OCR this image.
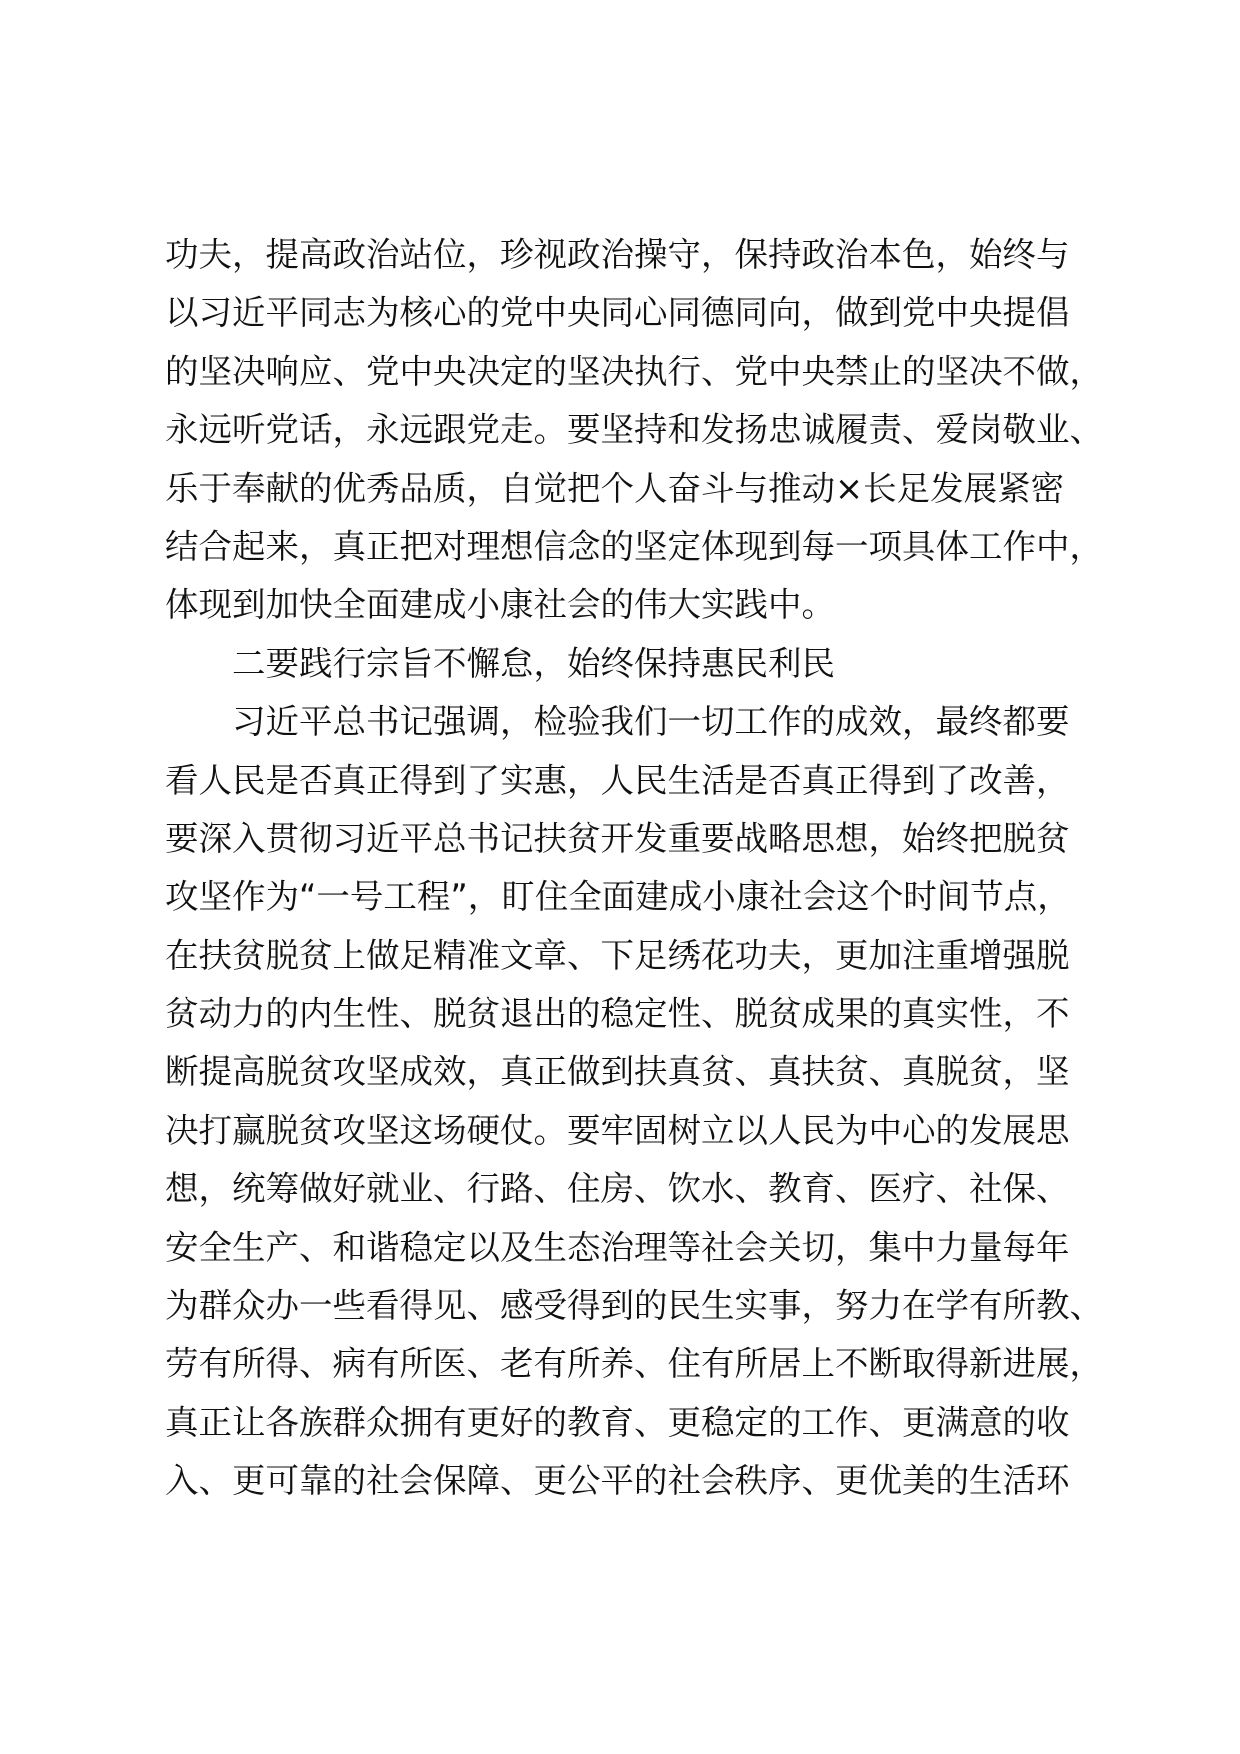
功夫，提高政治站位，珍视政治操守，保持政治本色，始终与
以习近平同志为核心的党中央同心同德同向，做到党中央提倡
的坚决响应、党中央决定的坚决执行、党中央禁止的坚决不做，
永远听党话，永远跟党走。要坚持和发扬忠诚履责、爱岗敬业、
乐于奉献的优秀品质，自觉把个人奋斗与推动×长足发展紧密
结合起来，真正把对理想信念的坚定体现到每一项具体工作中，
体现到加快全面建成小康社会的伟大实践中。
二要践行宗旨不懈怠，始终保持惠民利民
习近平总书记强调，检验我们一切工作的成效，最终都要
看人民是否真正得到了实惠，人民生活是否真正得到了改善，
要深入贯彻习近平总书记扶贫开发重要战略思想，始终把脱贫
攻坚作为“一号工程”，盯住全面建成小康社会这个时间节点，
在扶贫脱贫上做足精准文章、下足绣花功夫，更加注重增强脱
贫动力的内生性、脱贫退出的稳定性、脱贫成果的真实性，不
断提高脱贫攻坚成效，真正做到扶真贫、真扶贫、真脱贫，坚
决打赢脱贫攻坚这场硬仗。要牢固树立以人民为中心的发展思
想，统筹做好就业、行路、住房、饮水、教育、医疗、社保、
安全生产、和谐稳定以及生态治理等社会关切，集中力量每年
为群众办一些看得见、感受得到的民生实事，努力在学有所教、
劳有所得、病有所医、老有所养、住有所居上不断取得新进展，
真正让各族群众拥有更好的教育、更稳定的工作、更满意的收
入、更可靠的社会保障、更公平的社会秩序、更优美的生活环
